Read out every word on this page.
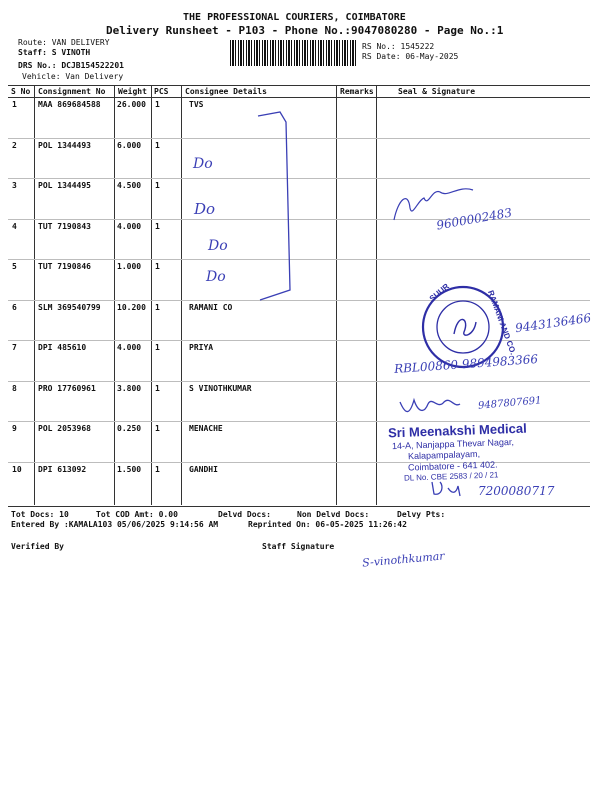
THE PROFESSIONAL COURIERS, COIMBATORE
Delivery Runsheet - P103 - Phone No.:9047080280 - Page No.:1
Route: VAN DELIVERY
Staff: S VINOTH
DRS No.: DCJB154522201
Vehicle: Van Delivery
RS No.: 1545222
RS Date: 06-May-2025
S No Consignment No Weight PCS Consignee Details	Remarks	Seal & Signature
1	MAA 869684588 26.000 1	TVS
2	POL 1344493	6.000 1
3	POL 1344495	4.500 1
4	TUT 7190843	4.000 1
5	TUT 7190846	1.000 1
6	SLM 369540799 10.200 1	RAMANI CO
7	DPI 485610	4.000 1	PRIYA
8	PRO 17760961	3.800 1	S VINOTHKUMAR
9	POL 2053968	0.250 1	MENACHE
10 DPI 613092	1.500 1	GANDHI
Tot Docs: 10	Tot COD Amt: 0.00	Delvd Docs:	Non Delvd Docs:	Delvy Pts:
Entered By :KAMALA103 05/06/2025 9:14:56 AM	Reprinted On: 06-05-2025 11:26:42
Verified By	Staff Signature
Do
Do
Do
Do
9600002483
SUUR	RAMANI AND CO.
9443136466
RBL00860 9894983366
9487807691
Sri Meenakshi Medical
14-A, Nanjappa Thevar Nagar,
Kalapampalayam,
Coimbatore - 641 402.
DL No. CBE 2583 / 20 / 21
7200080717
S-vinothkumar
